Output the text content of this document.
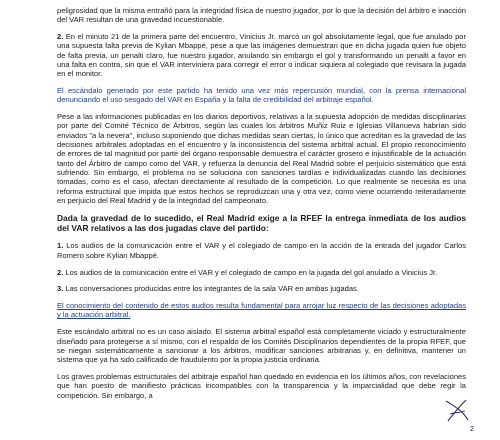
peligrosidad que la misma entrañó para la integridad física de nuestro jugador, por lo que la decisión del árbitro e inacción del VAR resultan de una gravedad incuestionable.

2. En el minuto 21 de la primera parte del encuentro, Vinicius Jr. marcó un gol absolutamente legal, que fue anulado por una supuesta falta previa de Kylian Mbappé, pese a que las imágenes demuestran que en dicha jugada quien fue objeto de falta previa, un penalti claro, fue nuestro jugador, anulando sin embargo el gol y transformando un penalti a favor en una falta en contra, sin que el VAR interviniera para corregir el error o indicar siquiera al colegiado que revisara la jugada en el monitor.

El escándalo generado por este partido ha tenido una vez más repercusión mundial, con la prensa internacional denunciando el uso sesgado del VAR en España y la falta de credibilidad del arbitraje español.

Pese a las informaciones publicadas en los diarios deportivos, relativas a la supuesta adopción de medidas disciplinarias por parte del Comité Técnico de Árbitros, según las cuales los árbitros Muñiz Ruiz e Iglesias Villanueva habrían sido enviados "a la nevera", incluso suponiendo que dichas medidas sean ciertas, lo único que acreditan es la gravedad de las decisiones arbitrales adoptadas en el encuentro y la inconsistencia del sistema arbitral actual. El propio reconocimiento de errores de tal magnitud por parte del órgano responsable demuestra el carácter grosero e injustificable de la actuación tanto del Árbitro de campo como del VAR, y refuerza la denuncia del Real Madrid sobre el perjuicio sistemático que está sufriendo. Sin embargo, el problema no se soluciona con sanciones tardías e individualizadas cuando las decisiones tomadas, como es el caso, afectan directamente al resultado de la competición. Lo que realmente se necesita es una reforma estructural que impida que estos hechos se reproduzcan una y otra vez, como viene ocurriendo reiteradamente en perjuicio del Real Madrid y de la integridad del campeonato.

Dada la gravedad de lo sucedido, el Real Madrid exige a la RFEF la entrega inmediata de los audios del VAR relativos a las dos jugadas clave del partido:

1. Los audios de la comunicación entre el VAR y el colegiado de campo en la acción de la entrada del jugador Carlos Romero sobre Kylian Mbappé.

2. Los audios de la comunicación entre el VAR y el colegiado de campo en la jugada del gol anulado a Vinicius Jr.

3. Las conversaciones producidas entre los integrantes de la sala VAR en ambas jugadas.

El conocimiento del contenido de estos audios resulta fundamental para arrojar luz respecto de las decisiones adoptadas y la actuación arbitral.

Este escándalo arbitral no es un caso aislado. El sistema arbitral español está completamente viciado y estructuralmente diseñado para protegerse a sí mismo, con el respaldo de los Comités Disciplinarios dependientes de la propia RFEF, que se niegan sistemáticamente a sancionar a los árbitros, modificar sanciones arbitrarias y, en definitiva, mantener un sistema que ya ha sido calificado de fraudulento por la propia justicia ordinaria.

Los graves problemas estructurales del arbitraje español han quedado en evidencia en los últimos años, con revelaciones que han puesto de manifiesto prácticas incompatibles con la transparencia y la imparcialidad que debe regir la competición. Sin embargo, a

2
